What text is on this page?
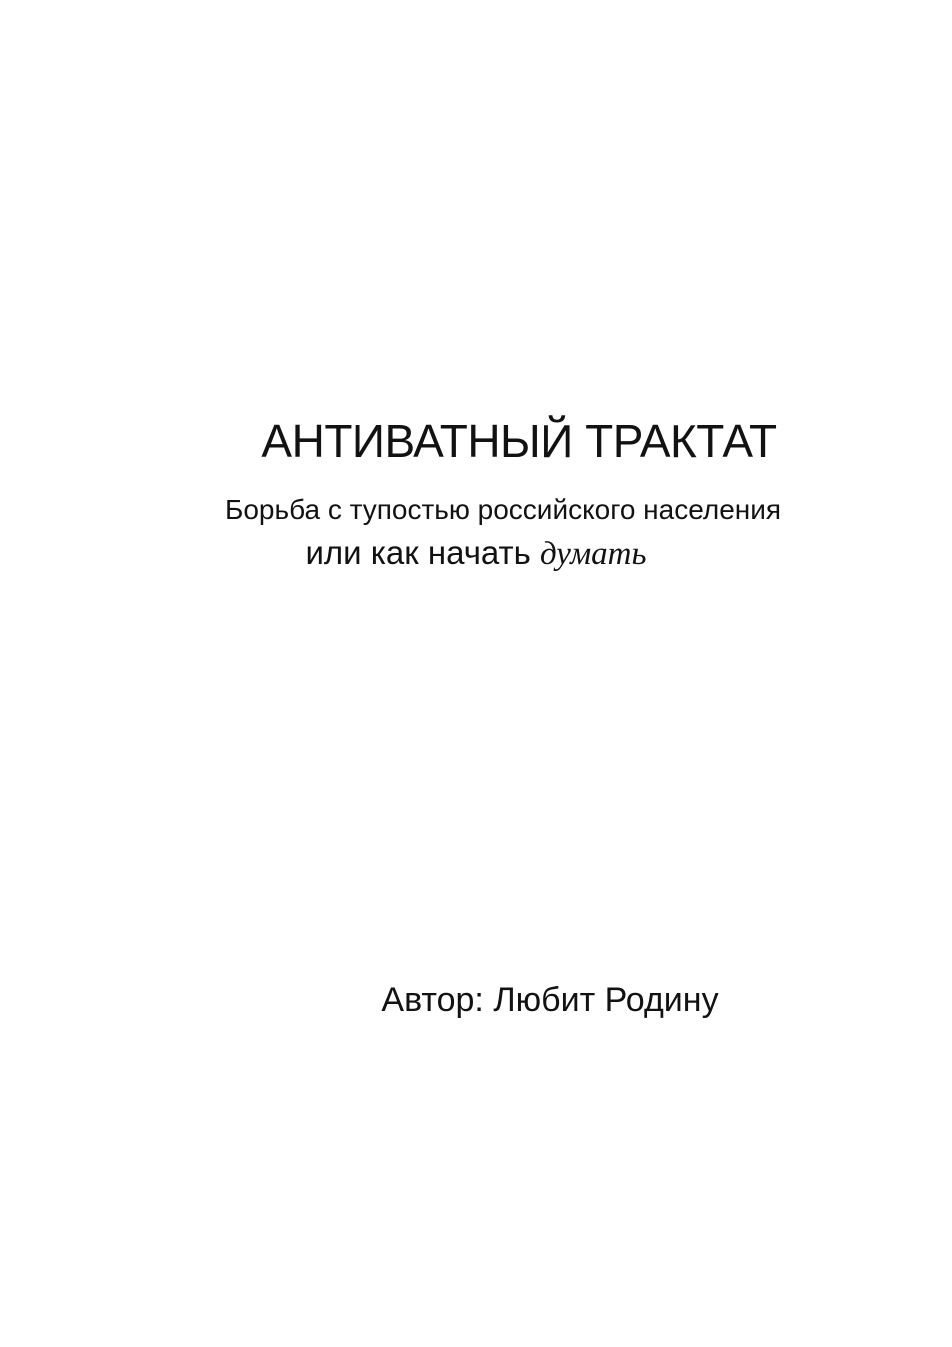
АНТИВАТНЫЙ ТРАКТАТ
Борьба с тупостью российского населения
или как начать думать
Автор: Любит Родину
